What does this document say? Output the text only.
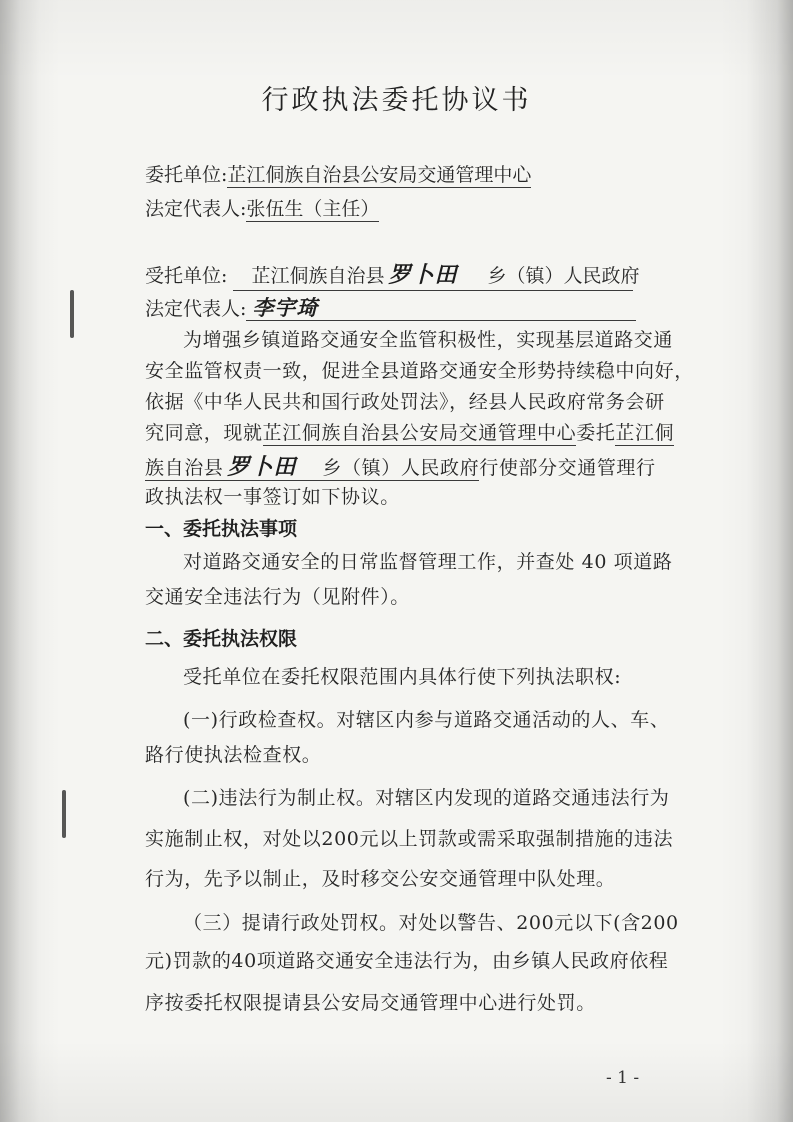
行政执法委托协议书
委托单位:芷江侗族自治县公安局交通管理中心
法定代表人:张伍生（主任）
受托单位: 芷江侗族自治县 罗卜田 乡（镇）人民政府
法定代表人: 李宇琦
为增强乡镇道路交通安全监管积极性，实现基层道路交通
安全监管权责一致，促进全县道路交通安全形势持续稳中向好，
依据《中华人民共和国行政处罚法》，经县人民政府常务会研
究同意，现就芷江侗族自治县公安局交通管理中心委托芷江侗
族自治县 罗卜田 乡（镇）人民政府行使部分交通管理行
政执法权一事签订如下协议。
一、委托执法事项
对道路交通安全的日常监督管理工作，并查处 40 项道路
交通安全违法行为（见附件）。
二、委托执法权限
受托单位在委托权限范围内具体行使下列执法职权:
(一)行政检查权。对辖区内参与道路交通活动的人、车、
路行使执法检查权。
(二)违法行为制止权。对辖区内发现的道路交通违法行为
实施制止权，对处以200元以上罚款或需采取强制措施的违法
行为，先予以制止，及时移交公安交通管理中队处理。
（三）提请行政处罚权。对处以警告、200元以下(含200
元)罚款的40项道路交通安全违法行为，由乡镇人民政府依程
序按委托权限提请县公安局交通管理中心进行处罚。
- 1 -
